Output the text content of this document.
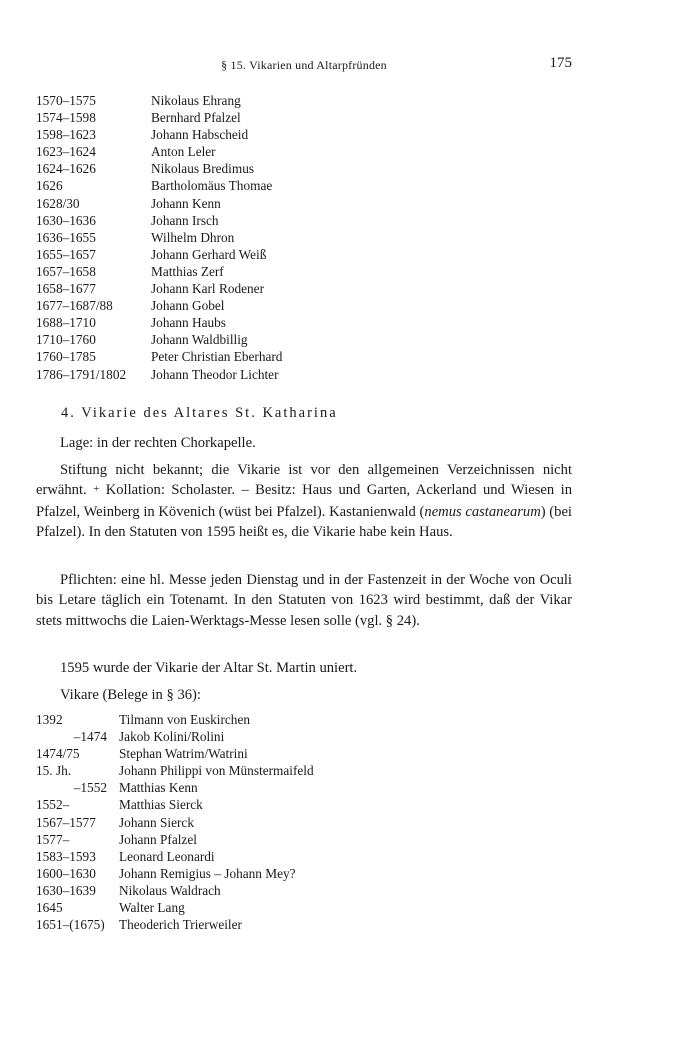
§ 15. Vikarien und Altarpfründen	175
1570–1575	Nikolaus Ehrang
1574–1598	Bernhard Pfalzel
1598–1623	Johann Habscheid
1623–1624	Anton Leler
1624–1626	Nikolaus Bredimus
1626	Bartholomäus Thomae
1628/30	Johann Kenn
1630–1636	Johann Irsch
1636–1655	Wilhelm Dhron
1655–1657	Johann Gerhard Weiß
1657–1658	Matthias Zerf
1658–1677	Johann Karl Rodener
1677–1687/88	Johann Gobel
1688–1710	Johann Haubs
1710–1760	Johann Waldbillig
1760–1785	Peter Christian Eberhard
1786–1791/1802 Johann Theodor Lichter
4. Vikarie des Altares St. Katharina

Lage: in der rechten Chorkapelle.

Stiftung nicht bekannt; die Vikarie ist vor den allgemeinen Verzeichnissen nicht erwähnt. + Kollation: Scholaster. – Besitz: Haus und Garten, Ackerland und Wiesen in Pfalzel, Weinberg in Kövenich (wüst bei Pfalzel). Kastanienwald (nemus castanearum) (bei Pfalzel). In den Statuten von 1595 heißt es, die Vikarie habe kein Haus.

Pflichten: eine hl. Messe jeden Dienstag und in der Fastenzeit in der Woche von Oculi bis Letare täglich ein Totenamt. In den Statuten von 1623 wird bestimmt, daß der Vikar stets mittwochs die Laien-Werktags-Messe lesen solle (vgl. § 24).

1595 wurde der Vikarie der Altar St. Martin uniert.

Vikare (Belege in § 36):

1392	Tilmann von Euskirchen
–1474 Jakob Kolini/Rolini
1474/75	Stephan Watrim/Watrini
15. Jh.	Johann Philippi von Münstermaifeld
–1552 Matthias Kenn
1552–	Matthias Sierck
1567–1577 Johann Sierck
1577–	Johann Pfalzel
1583–1593 Leonard Leonardi
1600–1630 Johann Remigius – Johann Mey?
1630–1639 Nikolaus Waldrach
1645	Walter Lang
1651–(1675) Theoderich Trierweiler
